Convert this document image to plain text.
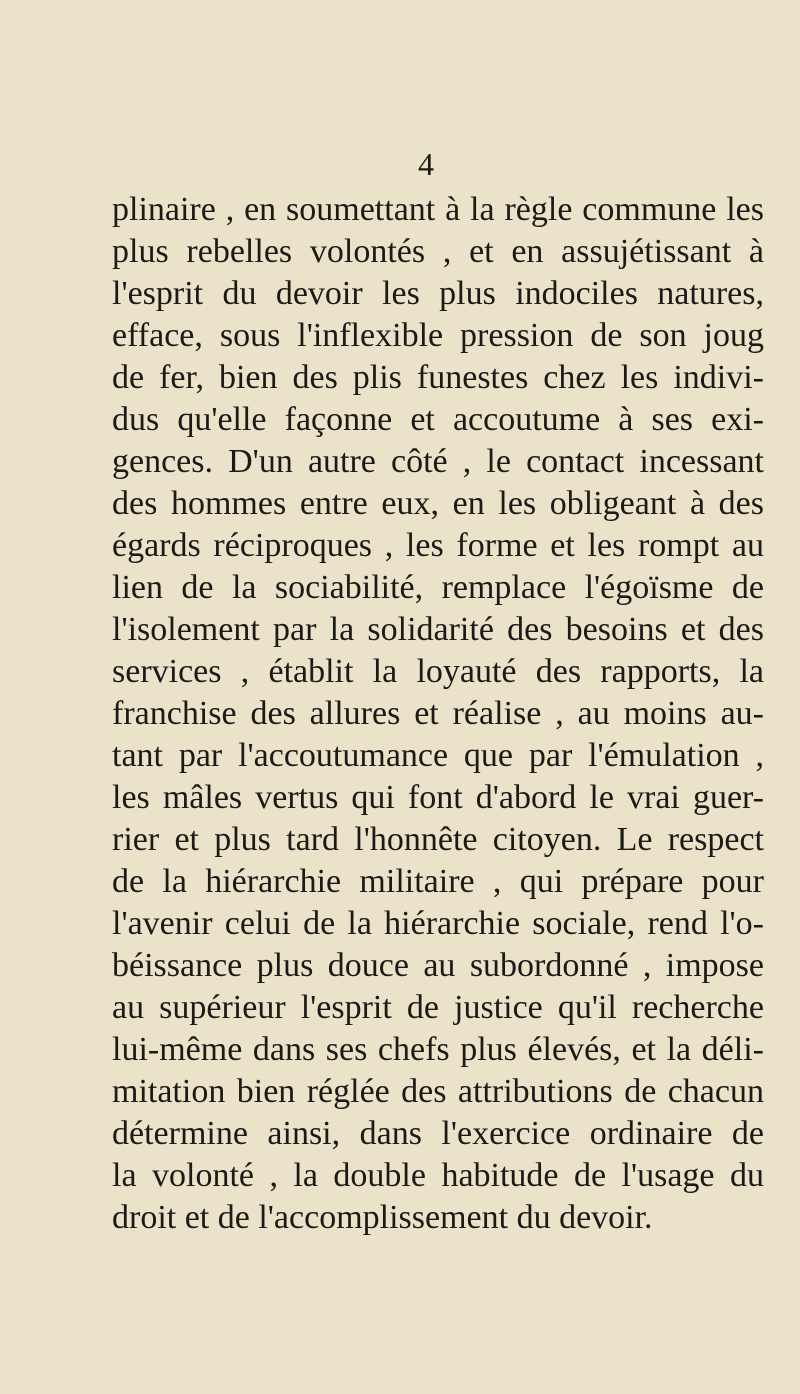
4
plinaire , en soumettant à la règle commune les
plus rebelles volontés , et en assujétissant à
l'esprit du devoir les plus indociles natures,
efface, sous l'inflexible pression de son joug
de fer, bien des plis funestes chez les indivi-
dus qu'elle façonne et accoutume à ses exi-
gences. D'un autre côté , le contact incessant
des hommes entre eux, en les obligeant à des
égards réciproques , les forme et les rompt au
lien de la sociabilité, remplace l'égoïsme de
l'isolement par la solidarité des besoins et des
services , établit la loyauté des rapports, la
franchise des allures et réalise , au moins au-
tant par l'accoutumance que par l'émulation ,
les mâles vertus qui font d'abord le vrai guer-
rier et plus tard l'honnête citoyen. Le respect
de la hiérarchie militaire , qui prépare pour
l'avenir celui de la hiérarchie sociale, rend l'o-
béissance plus douce au subordonné , impose
au supérieur l'esprit de justice qu'il recherche
lui-même dans ses chefs plus élevés, et la déli-
mitation bien réglée des attributions de chacun
détermine ainsi, dans l'exercice ordinaire de
la volonté , la double habitude de l'usage du
droit et de l'accomplissement du devoir.
